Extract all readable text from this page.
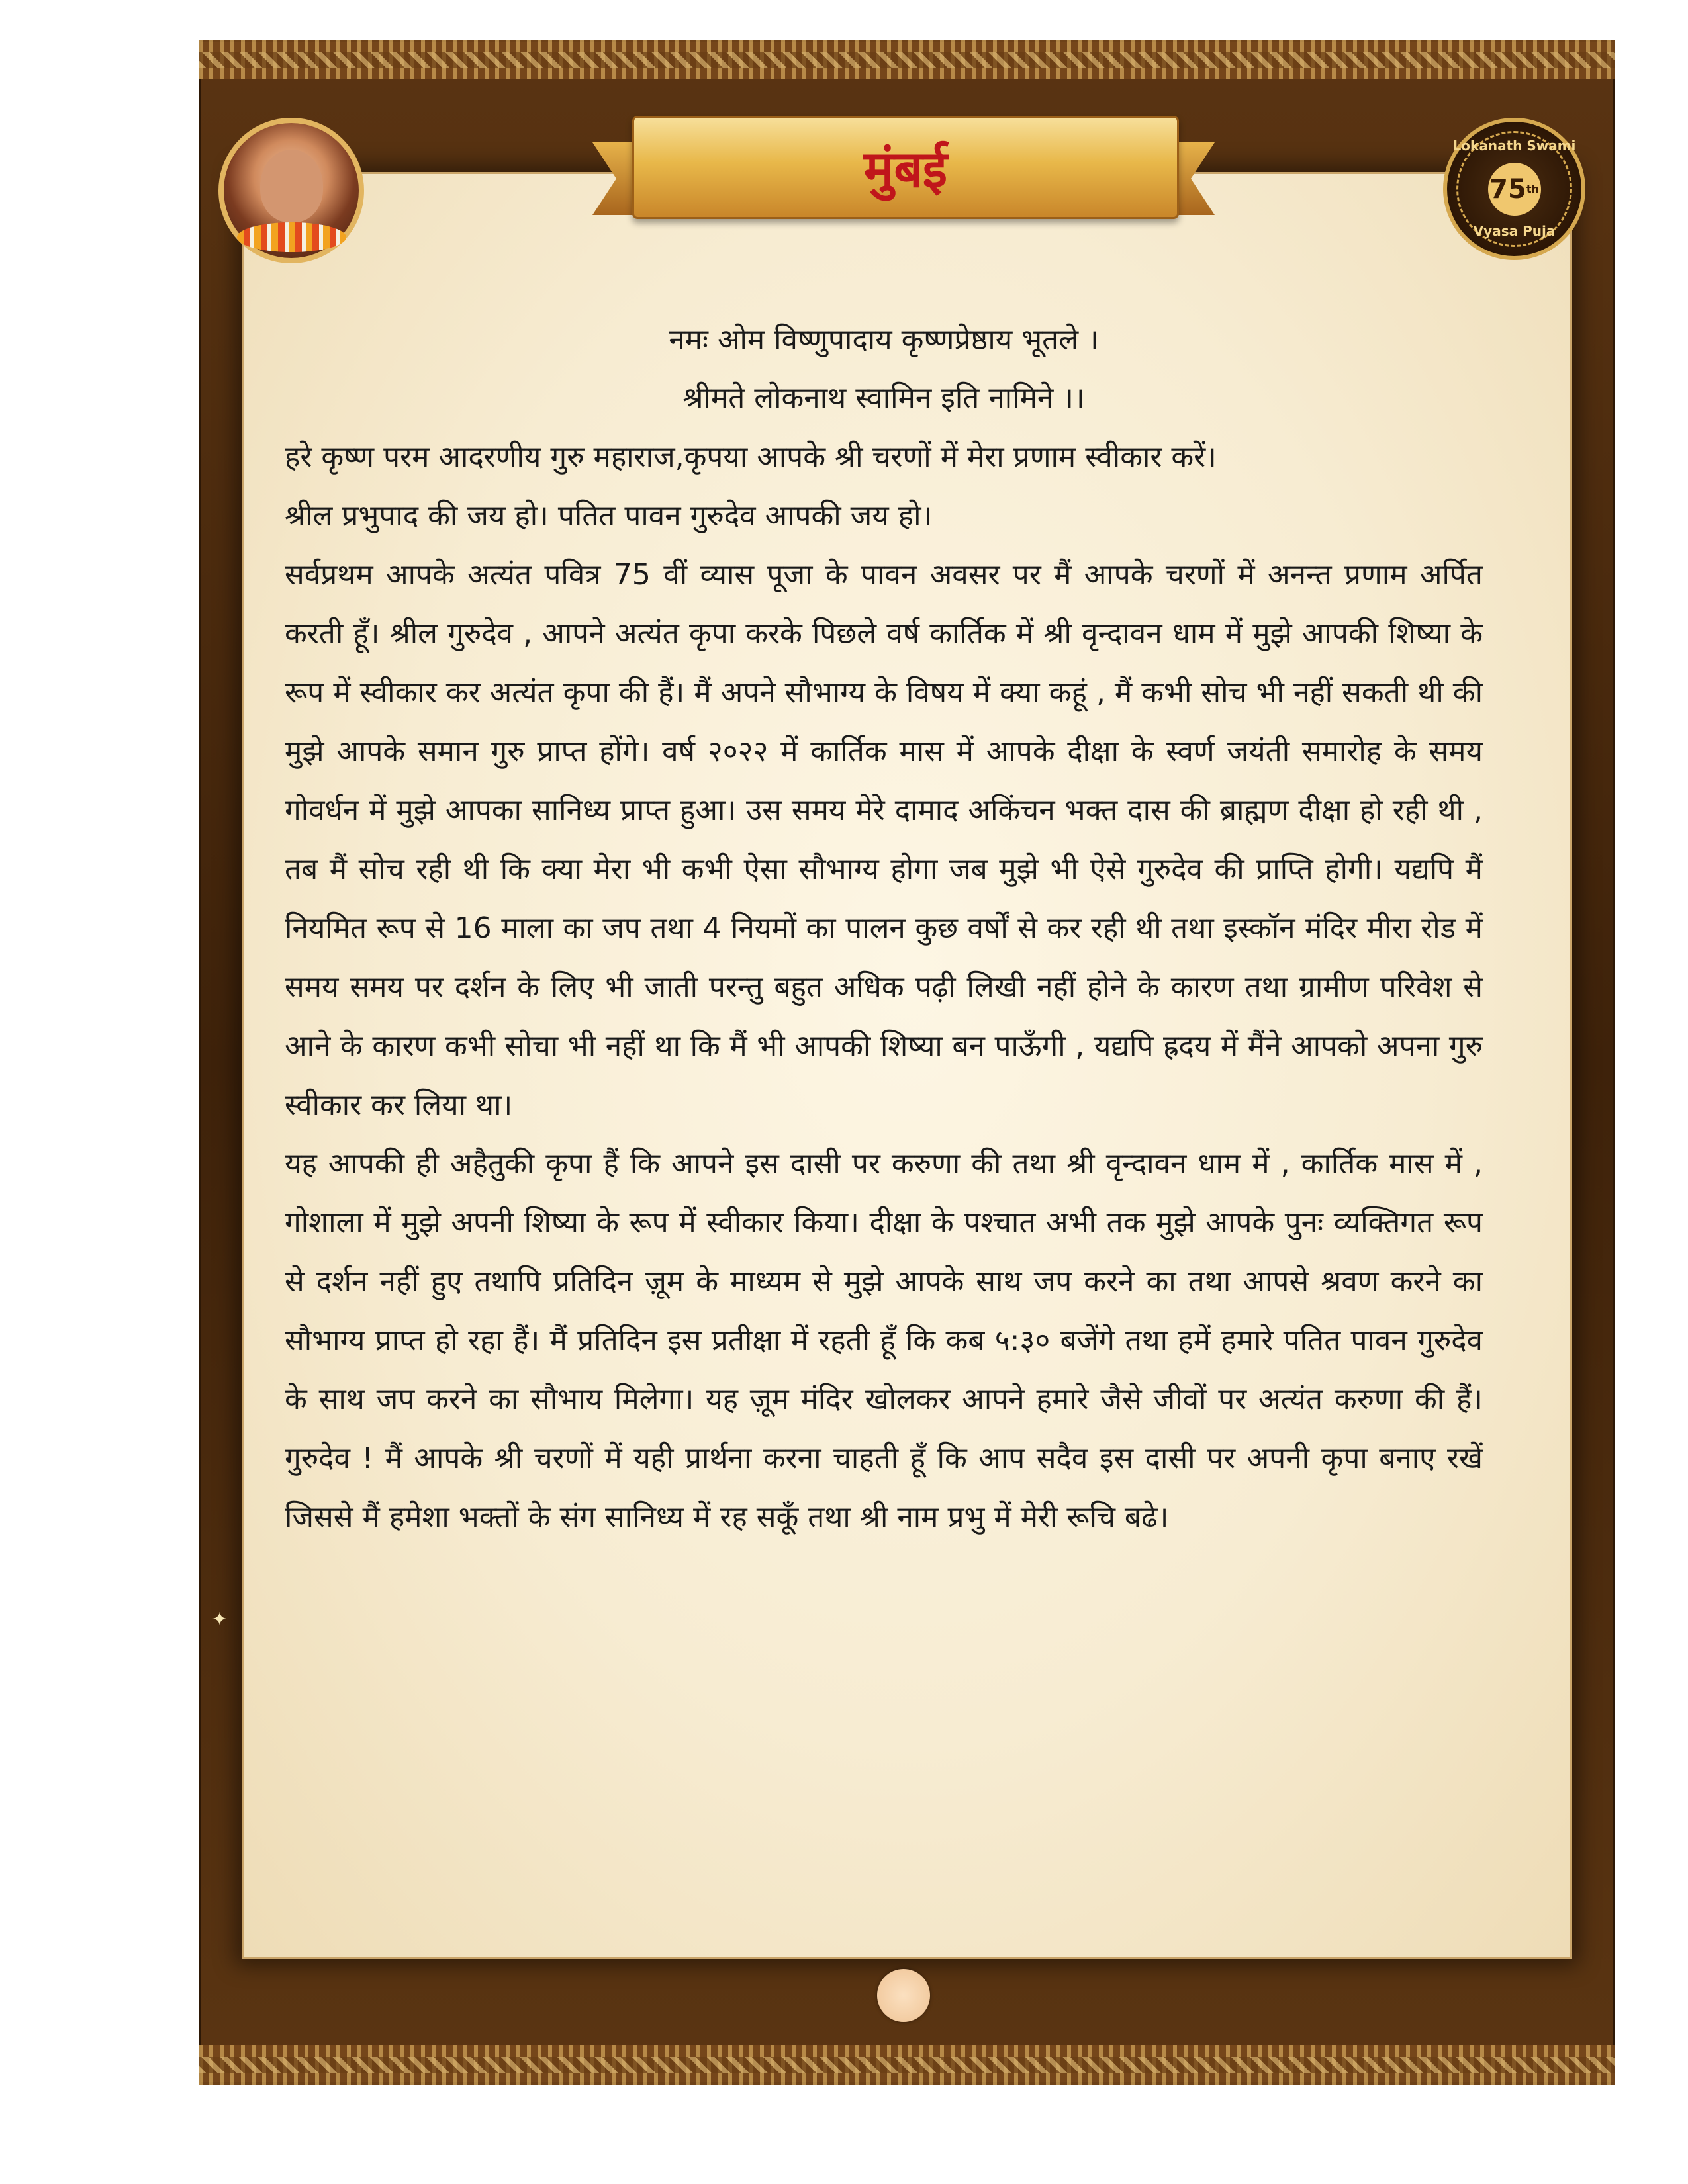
मुंबई	Lokanath Swami
75 th
Vyasa Puja
नमः ओम विष्णुपादाय कृष्णप्रेष्ठाय भूतले ।
श्रीमते लोकनाथ स्वामिन इति नामिने ।।

हरे कृष्ण परम आदरणीय गुरु महाराज,कृपया आपके श्री चरणों में मेरा प्रणाम स्वीकार करें।

श्रील प्रभुपाद की जय हो। पतित पावन गुरुदेव आपकी जय हो।

सर्वप्रथम आपके अत्यंत पवित्र 75 वीं व्यास पूजा के पावन अवसर पर मैं आपके चरणों में अनन्त प्रणाम अर्पित करती हूँ। श्रील गुरुदेव , आपने अत्यंत कृपा करके पिछले वर्ष कार्तिक में श्री वृन्दावन धाम में मुझे आपकी शिष्या के रूप में स्वीकार कर अत्यंत कृपा की हैं। मैं अपने सौभाग्य के विषय में क्या कहूं , मैं कभी सोच भी नहीं सकती थी की मुझे आपके समान गुरु प्राप्त होंगे। वर्ष २०२२ में कार्तिक मास में आपके दीक्षा के स्वर्ण जयंती समारोह के समय गोवर्धन में मुझे आपका सानिध्य प्राप्त हुआ। उस समय मेरे दामाद अकिंचन भक्त दास की ब्राह्मण दीक्षा हो रही थी , तब मैं सोच रही थी कि क्या मेरा भी कभी ऐसा सौभाग्य होगा जब मुझे भी ऐसे गुरुदेव की प्राप्ति होगी। यद्यपि मैं नियमित रूप से 16 माला का जप तथा 4 नियमों का पालन कुछ वर्षों से कर रही थी तथा इस्कॉन मंदिर मीरा रोड में समय समय पर दर्शन के लिए भी जाती परन्तु बहुत अधिक पढ़ी लिखी नहीं होने के कारण तथा ग्रामीण परिवेश से आने के कारण कभी सोचा भी नहीं था कि मैं भी आपकी शिष्या बन पाऊँगी , यद्यपि ह्रदय में मैंने आपको अपना गुरु स्वीकार कर लिया था।

यह आपकी ही अहैतुकी कृपा हैं कि आपने इस दासी पर करुणा की तथा श्री वृन्दावन धाम में , कार्तिक मास में , गोशाला में मुझे अपनी शिष्या के रूप में स्वीकार किया। दीक्षा के पश्चात अभी तक मुझे आपके पुनः व्यक्तिगत रूप से दर्शन नहीं हुए तथापि प्रतिदिन ज़ूम के माध्यम से मुझे आपके साथ जप करने का तथा आपसे श्रवण करने का सौभाग्य प्राप्त हो रहा हैं। मैं प्रतिदिन इस प्रतीक्षा में रहती हूँ कि कब ५:३० बजेंगे तथा हमें हमारे पतित पावन गुरुदेव के साथ जप करने का सौभाय मिलेगा। यह ज़ूम मंदिर खोलकर आपने हमारे जैसे जीवों पर अत्यंत करुणा की हैं। गुरुदेव ! मैं आपके श्री चरणों में यही प्रार्थना करना चाहती हूँ कि आप सदैव इस दासी पर अपनी कृपा बनाए रखें जिससे मैं हमेशा भक्तों के संग सानिध्य में रह सकूँ तथा श्री नाम प्रभु में मेरी रूचि बढे।

✦
